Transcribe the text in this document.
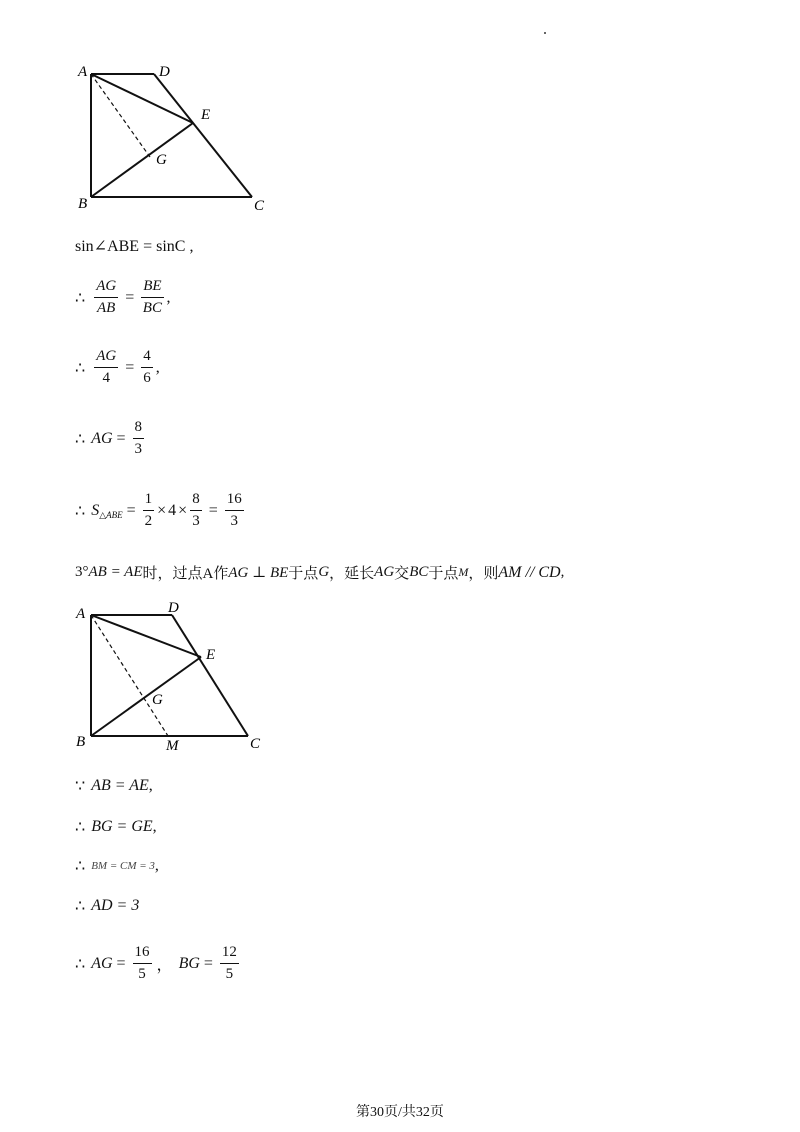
A	D
E
G
B	C
sin∠ABE = sinC ,
∴ $\frac{AG}{AB} = \frac{BE}{BC}$ ,
∴ $\frac{AG}{4} = \frac{4}{6}$ ,
∴ AG = $\frac{8}{3}$
∴ S △ABE = $\frac{1}{2} \times 4 \times \frac{8}{3} = \frac{16}{3}$
3° AB = AE 时，过点A作 AG ⊥ BE 于点 G ，延长 AG 交 BC 于点 M ，则 AM // CD ,
A	D
E
G
B	M	C
∵ AB = AE ,
∴ BG = GE ,
∴ BM = CM = 3 ,
∴ AD = 3
∴ AG = $\frac{16}{5}$ ， BG = $\frac{12}{5}$
第30页/共32页
